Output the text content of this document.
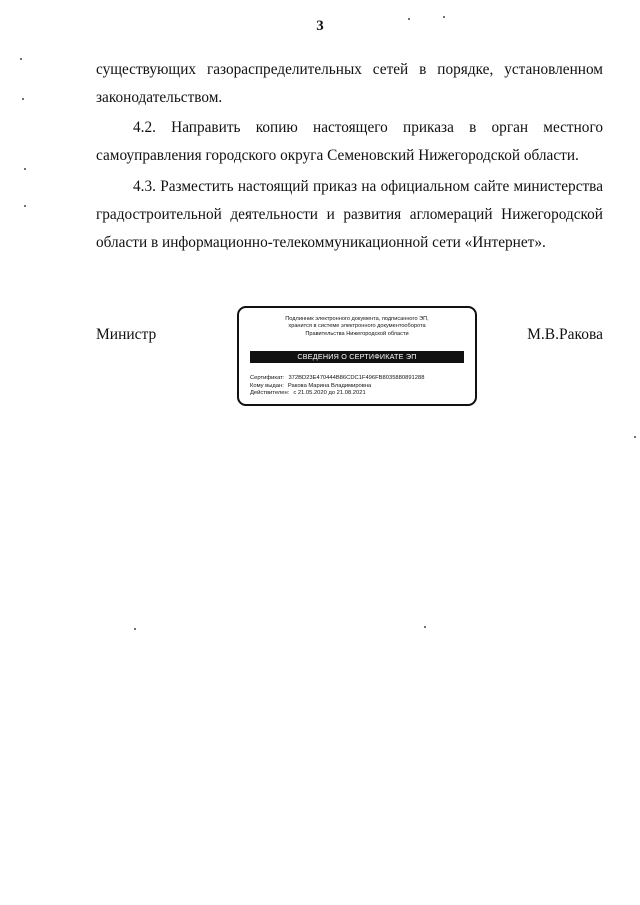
3

существующих газораспределительных сетей в порядке, установленном законодательством.

4.2. Направить копию настоящего приказа в орган местного самоуправления городского округа Семеновский Нижегородской области.

4.3. Разместить настоящий приказ на официальном сайте министерства градостроительной деятельности и развития агломераций Нижегородской области в информационно-телекоммуникационной сети «Интернет».

Министр	М.В.Ракова
Подлинник электронного документа, подписанного ЭП,
хранится в системе электронного документооборота
Правительства Нижегородской области
СВЕДЕНИЯ О СЕРТИФИКАТЕ ЭП
Сертификат: 372BD23E470444B86CDC1F496FB8035880891288
Кому выдан: Ракова Марина Владимировна
Действителен: с 21.05.2020 до 21.08.2021
